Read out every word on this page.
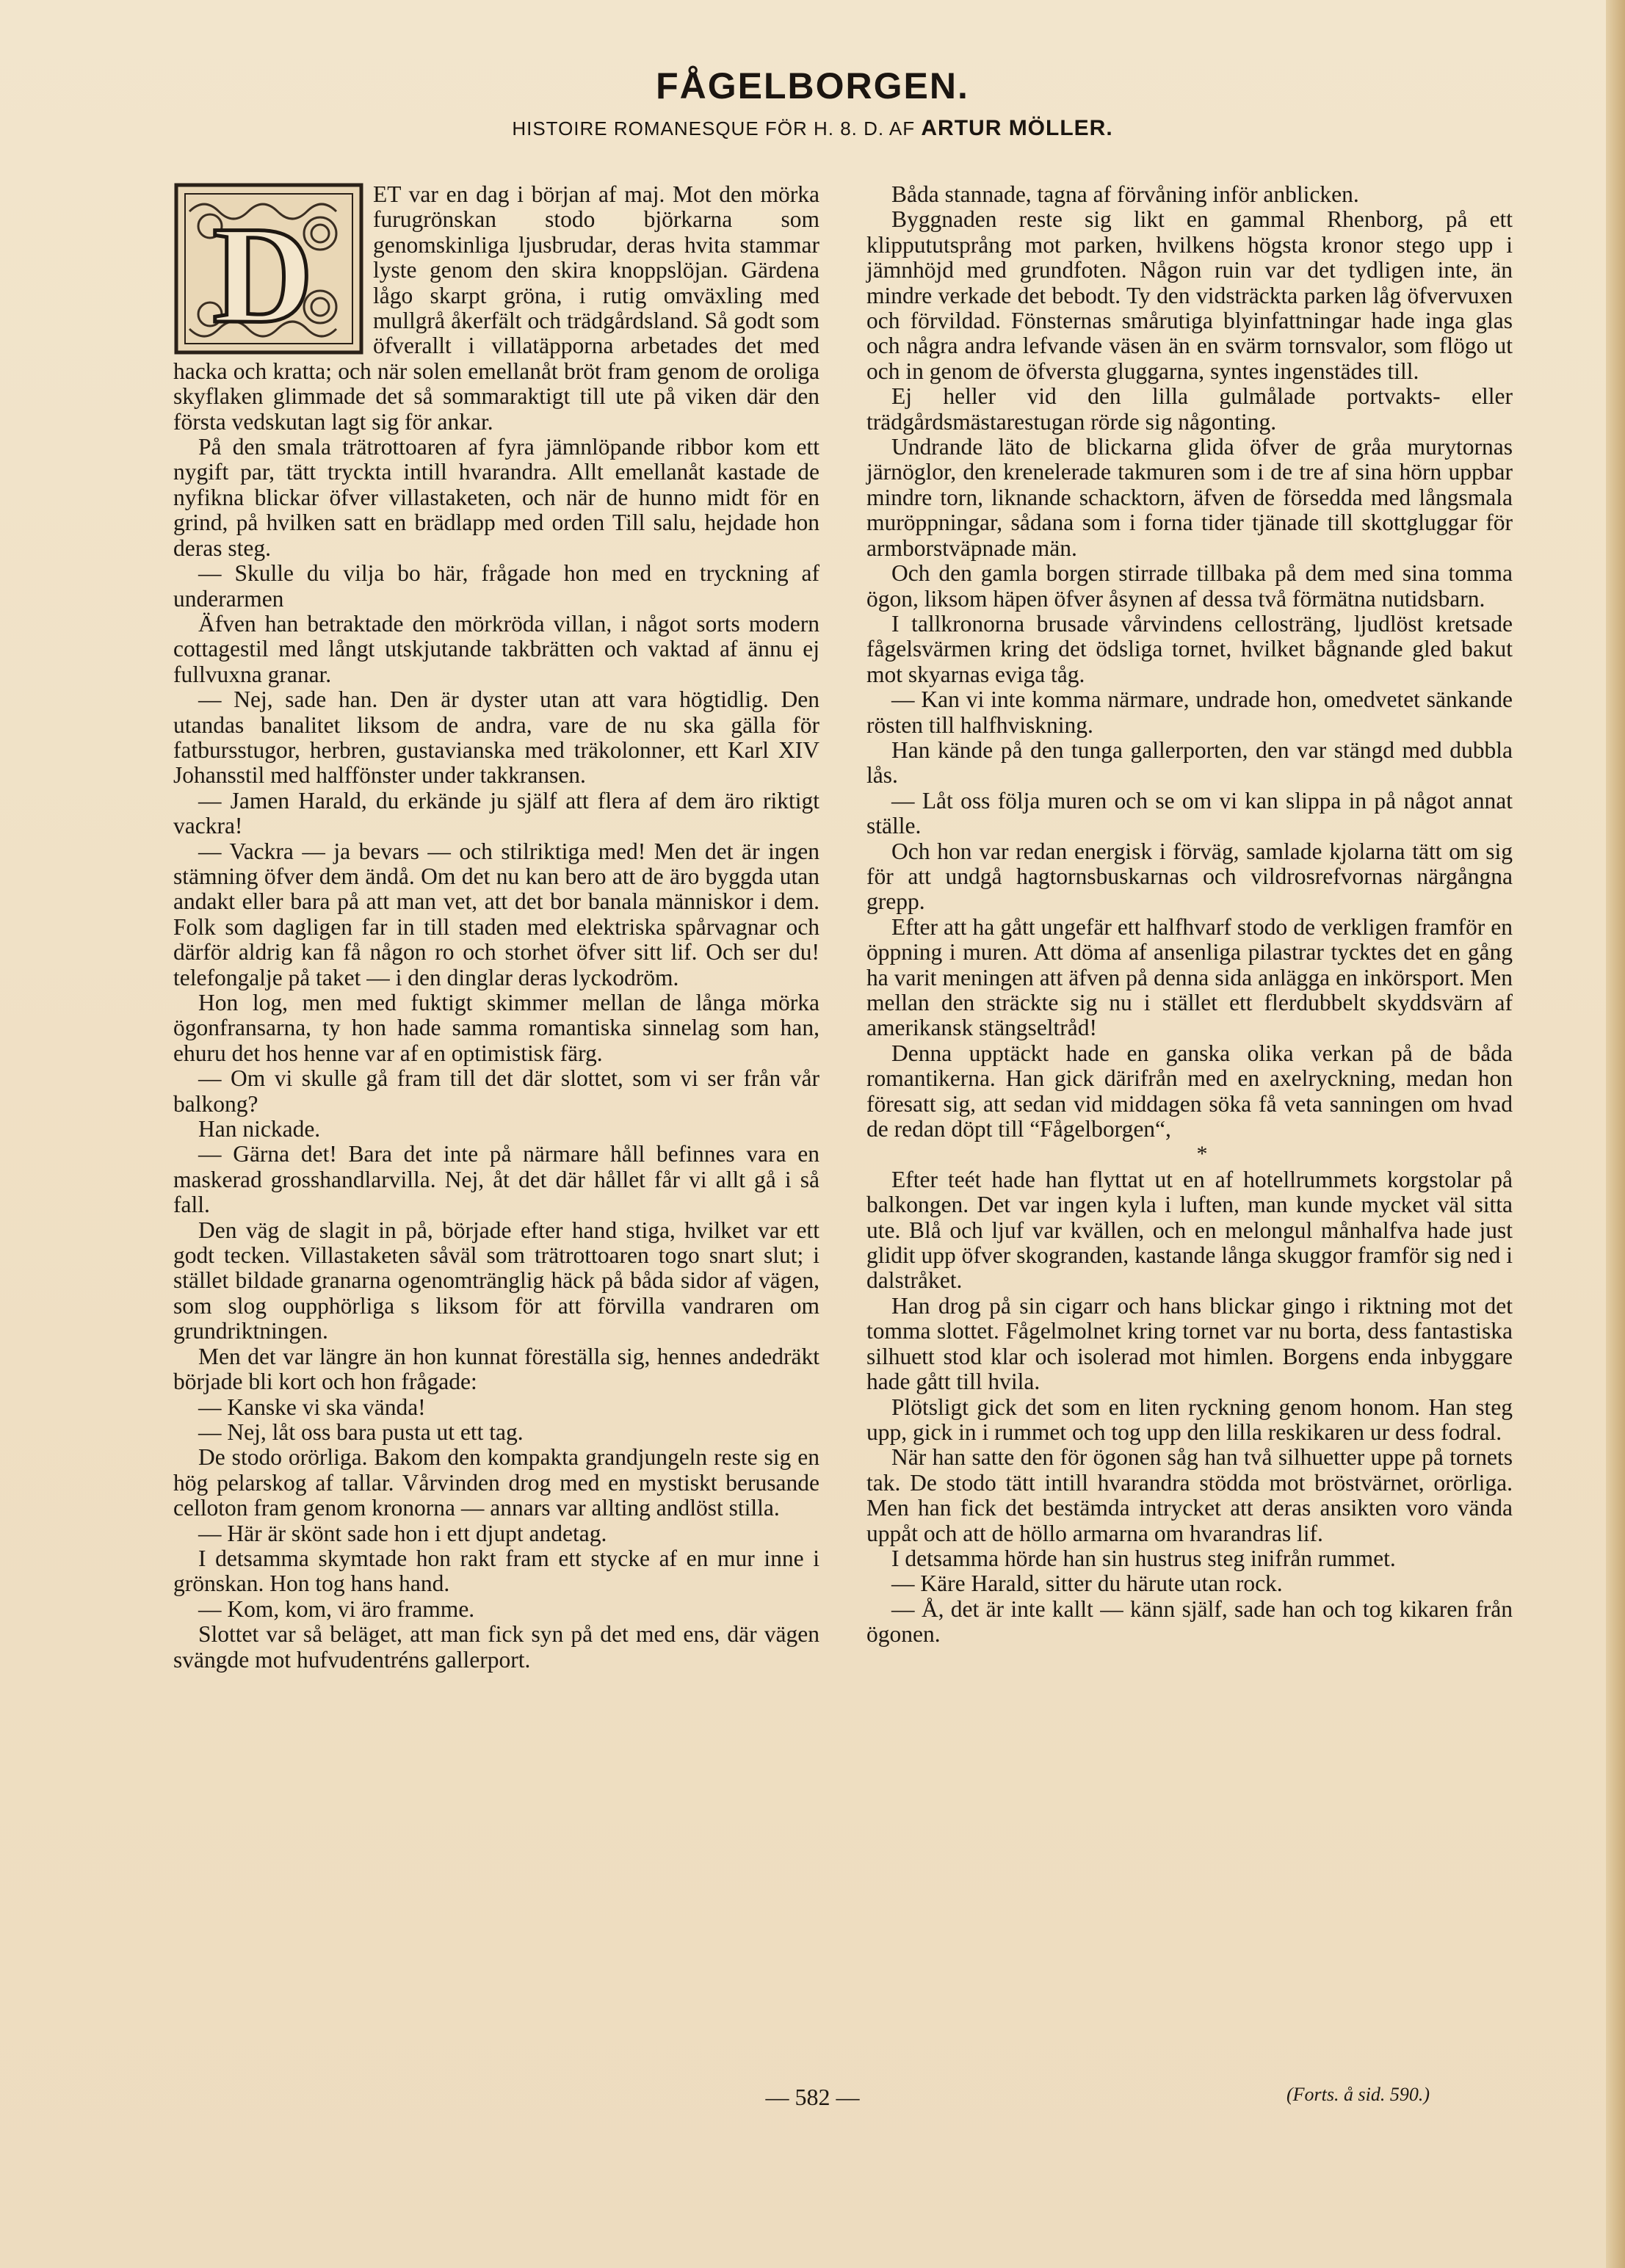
FÅGELBORGEN.
HISTOIRE ROMANESQUE FÖR H. 8. D. AF ARTUR MÖLLER.
D

ET var en dag i början af maj. Mot den mörka furugrönskan stodo björkarna som genomskinliga ljusbrudar, deras hvita stammar lyste genom den skira knoppslöjan. Gärdena lågo skarpt gröna, i rutig omväxling med mullgrå åkerfält och trädgårdsland. Så godt som öfverallt i villatäpporna arbetades det med hacka och kratta; och när solen emellanåt bröt fram genom de oroliga skyflaken glimmade det så sommaraktigt till ute på viken där den första vedskutan lagt sig för ankar.

På den smala trätrottoaren af fyra jämnlöpande ribbor kom ett nygift par, tätt tryckta intill hvarandra. Allt emellanåt kastade de nyfikna blickar öfver villastaketen, och när de hunno midt för en grind, på hvilken satt en brädlapp med orden Till salu, hejdade hon deras steg.

— Skulle du vilja bo här, frågade hon med en tryckning af underarmen

Äfven han betraktade den mörkröda villan, i något sorts modern cottagestil med långt utskjutande takbrätten och vaktad af ännu ej fullvuxna granar.

— Nej, sade han. Den är dyster utan att vara högtidlig. Den utandas banalitet liksom de andra, vare de nu ska gälla för fatbursstugor, herbren, gustavianska med träkolonner, ett Karl XIV Johansstil med halffönster under takkransen.

— Jamen Harald, du erkände ju själf att flera af dem äro riktigt vackra!

— Vackra — ja bevars — och stilriktiga med! Men det är ingen stämning öfver dem ändå. Om det nu kan bero att de äro byggda utan andakt eller bara på att man vet, att det bor banala människor i dem. Folk som dagligen far in till staden med elektriska spårvagnar och därför aldrig kan få någon ro och storhet öfver sitt lif. Och ser du! telefongalje på taket — i den dinglar deras lyckodröm.

Hon log, men med fuktigt skimmer mellan de långa mörka ögonfransarna, ty hon hade samma romantiska sinnelag som han, ehuru det hos henne var af en optimistisk färg.

— Om vi skulle gå fram till det där slottet, som vi ser från vår balkong?

Han nickade.

— Gärna det! Bara det inte på närmare håll befinnes vara en maskerad grosshandlarvilla. Nej, åt det där hållet får vi allt gå i så fall.

Den väg de slagit in på, började efter hand stiga, hvilket var ett godt tecken. Villastaketen såväl som trätrottoaren togo snart slut; i stället bildade granarna ogenomtränglig häck på båda sidor af vägen, som slog oupphörliga s liksom för att förvilla vandraren om grundriktningen.

Men det var längre än hon kunnat föreställa sig, hennes andedräkt började bli kort och hon frågade:

— Kanske vi ska vända!

— Nej, låt oss bara pusta ut ett tag.

De stodo orörliga. Bakom den kompakta grandjungeln reste sig en hög pelarskog af tallar. Vårvinden drog med en mystiskt berusande celloton fram genom kronorna — annars var allting andlöst stilla.

— Här är skönt sade hon i ett djupt andetag.

I detsamma skymtade hon rakt fram ett stycke af en mur inne i grönskan. Hon tog hans hand.

— Kom, kom, vi äro framme.

Slottet var så beläget, att man fick syn på det med ens, där vägen svängde mot hufvudentréns gallerport.

Båda stannade, tagna af förvåning inför anblicken.

Byggnaden reste sig likt en gammal Rhenborg, på ett klippututsprång mot parken, hvilkens högsta kronor stego upp i jämnhöjd med grundfoten. Någon ruin var det tydligen inte, än mindre verkade det bebodt. Ty den vidsträckta parken låg öfvervuxen och förvildad. Fönsternas smårutiga blyinfattningar hade inga glas och några andra lefvande väsen än en svärm tornsvalor, som flögo ut och in genom de öfversta gluggarna, syntes ingenstädes till.

Ej heller vid den lilla gulmålade portvakts- eller trädgårdsmästarestugan rörde sig någonting.

Undrande läto de blickarna glida öfver de gråa murytornas järnöglor, den krenelerade takmuren som i de tre af sina hörn uppbar mindre torn, liknande schacktorn, äfven de försedda med långsmala muröppningar, sådana som i forna tider tjänade till skottgluggar för armborstväpnade män.

Och den gamla borgen stirrade tillbaka på dem med sina tomma ögon, liksom häpen öfver åsynen af dessa två förmätna nutidsbarn.

I tallkronorna brusade vårvindens cellosträng, ljudlöst kretsade fågelsvärmen kring det ödsliga tornet, hvilket bågnande gled bakut mot skyarnas eviga tåg.

— Kan vi inte komma närmare, undrade hon, omedvetet sänkande rösten till halfhviskning.

Han kände på den tunga gallerporten, den var stängd med dubbla lås.

— Låt oss följa muren och se om vi kan slippa in på något annat ställe.

Och hon var redan energisk i förväg, samlade kjolarna tätt om sig för att undgå hagtornsbuskarnas och vildrosrefvornas närgångna grepp.

Efter att ha gått ungefär ett halfhvarf stodo de verkligen framför en öppning i muren. Att döma af ansenliga pilastrar tycktes det en gång ha varit meningen att äfven på denna sida anlägga en inkörsport. Men mellan den sträckte sig nu i stället ett flerdubbelt skyddsvärn af amerikansk stängseltråd!

Denna upptäckt hade en ganska olika verkan på de båda romantikerna. Han gick därifrån med en axelryckning, medan hon föresatt sig, att sedan vid middagen söka få veta sanningen om hvad de redan döpt till “Fågelborgen“,

*

Efter teét hade han flyttat ut en af hotellrummets korgstolar på balkongen. Det var ingen kyla i luften, man kunde mycket väl sitta ute. Blå och ljuf var kvällen, och en melongul månhalfva hade just glidit upp öfver skogranden, kastande långa skuggor framför sig ned i dalstråket.

Han drog på sin cigarr och hans blickar gingo i riktning mot det tomma slottet. Fågelmolnet kring tornet var nu borta, dess fantastiska silhuett stod klar och isolerad mot himlen. Borgens enda inbyggare hade gått till hvila.

Plötsligt gick det som en liten ryckning genom honom. Han steg upp, gick in i rummet och tog upp den lilla reskikaren ur dess fodral.

När han satte den för ögonen såg han två silhuetter uppe på tornets tak. De stodo tätt intill hvarandra stödda mot bröstvärnet, orörliga. Men han fick det bestämda intrycket att deras ansikten voro vända uppåt och att de höllo armarna om hvarandras lif.

I detsamma hörde han sin hustrus steg inifrån rummet.

— Käre Harald, sitter du härute utan rock.

— Å, det är inte kallt — känn själf, sade han och tog kikaren från ögonen.

— 582 —	(Forts. å sid. 590.)
